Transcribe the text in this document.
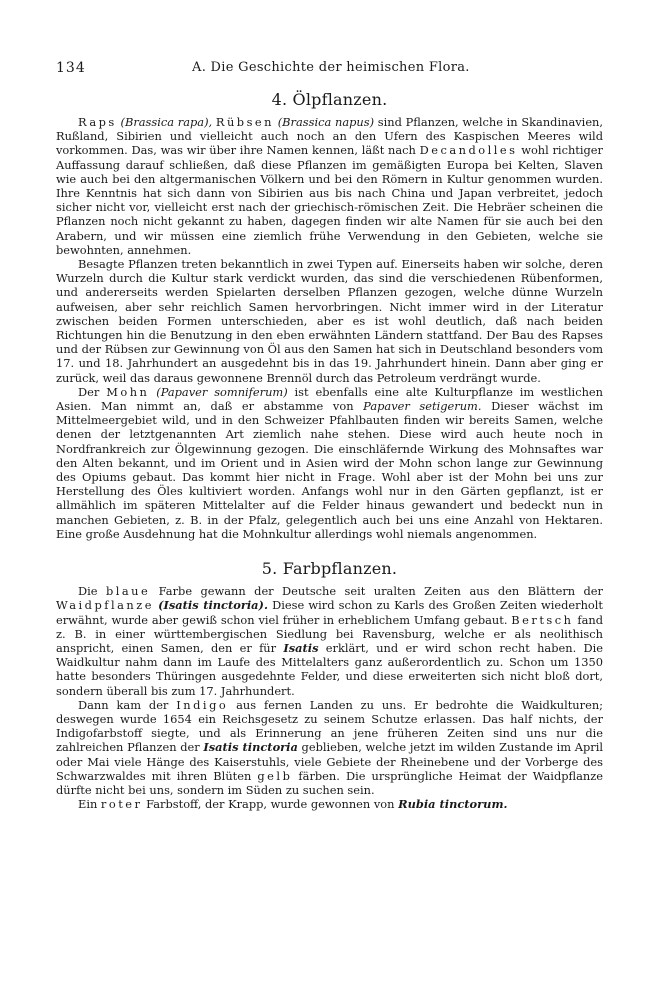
134	A. Die Geschichte der heimischen Flora.
4. Ölpflanzen.

Raps (Brassica rapa), Rübsen (Brassica napus) sind Pflanzen, welche in Skandinavien, Rußland, Sibirien und vielleicht auch noch an den Ufern des Kaspischen Meeres wild vorkommen. Das, was wir über ihre Namen kennen, läßt nach Decandolles wohl richtiger Auffassung darauf schließen, daß diese Pflanzen im gemäßigten Europa bei Kelten, Slaven wie auch bei den altgermanischen Völkern und bei den Römern in Kultur genommen wurden. Ihre Kenntnis hat sich dann von Sibirien aus bis nach China und Japan verbreitet, jedoch sicher nicht vor, vielleicht erst nach der griechisch-römischen Zeit. Die Hebräer scheinen die Pflanzen noch nicht gekannt zu haben, dagegen finden wir alte Namen für sie auch bei den Arabern, und wir müssen eine ziemlich frühe Verwendung in den Gebieten, welche sie bewohnten, annehmen.

Besagte Pflanzen treten bekanntlich in zwei Typen auf. Einerseits haben wir solche, deren Wurzeln durch die Kultur stark verdickt wurden, das sind die verschiedenen Rübenformen, und andererseits werden Spielarten derselben Pflanzen gezogen, welche dünne Wurzeln aufweisen, aber sehr reichlich Samen hervorbringen. Nicht immer wird in der Literatur zwischen beiden Formen unterschieden, aber es ist wohl deutlich, daß nach beiden Richtungen hin die Benutzung in den eben erwähnten Ländern stattfand. Der Bau des Rapses und der Rübsen zur Gewinnung von Öl aus den Samen hat sich in Deutschland besonders vom 17. und 18. Jahrhundert an ausgedehnt bis in das 19. Jahrhundert hinein. Dann aber ging er zurück, weil das daraus gewonnene Brennöl durch das Petroleum verdrängt wurde.

Der Mohn (Papaver somniferum) ist ebenfalls eine alte Kulturpflanze im westlichen Asien. Man nimmt an, daß er abstamme von Papaver setigerum. Dieser wächst im Mittelmeergebiet wild, und in den Schweizer Pfahlbauten finden wir bereits Samen, welche denen der letztgenannten Art ziemlich nahe stehen. Diese wird auch heute noch in Nordfrankreich zur Ölgewinnung gezogen. Die einschläfernde Wirkung des Mohnsaftes war den Alten bekannt, und im Orient und in Asien wird der Mohn schon lange zur Gewinnung des Opiums gebaut. Das kommt hier nicht in Frage. Wohl aber ist der Mohn bei uns zur Herstellung des Öles kultiviert worden. Anfangs wohl nur in den Gärten gepflanzt, ist er allmählich im späteren Mittelalter auf die Felder hinaus gewandert und bedeckt nun in manchen Gebieten, z. B. in der Pfalz, gelegentlich auch bei uns eine Anzahl von Hektaren. Eine große Ausdehnung hat die Mohnkultur allerdings wohl niemals angenommen.

5. Farbpflanzen.

Die blaue Farbe gewann der Deutsche seit uralten Zeiten aus den Blättern der Waidpflanze (Isatis tinctoria). Diese wird schon zu Karls des Großen Zeiten wiederholt erwähnt, wurde aber gewiß schon viel früher in erheblichem Umfang gebaut. Bertsch fand z. B. in einer württembergischen Siedlung bei Ravensburg, welche er als neolithisch anspricht, einen Samen, den er für Isatis erklärt, und er wird schon recht haben. Die Waidkultur nahm dann im Laufe des Mittelalters ganz außerordentlich zu. Schon um 1350 hatte besonders Thüringen ausgedehnte Felder, und diese erweiterten sich nicht bloß dort, sondern überall bis zum 17. Jahrhundert.

Dann kam der Indigo aus fernen Landen zu uns. Er bedrohte die Waidkulturen; deswegen wurde 1654 ein Reichsgesetz zu seinem Schutze erlassen. Das half nichts, der Indigofarbstoff siegte, und als Erinnerung an jene früheren Zeiten sind uns nur die zahlreichen Pflanzen der Isatis tinctoria geblieben, welche jetzt im wilden Zustande im April oder Mai viele Hänge des Kaiserstuhls, viele Gebiete der Rheinebene und der Vorberge des Schwarzwaldes mit ihren Blüten gelb färben. Die ursprüngliche Heimat der Waidpflanze dürfte nicht bei uns, sondern im Süden zu suchen sein.

Ein roter Farbstoff, der Krapp, wurde gewonnen von Rubia tinctorum.
